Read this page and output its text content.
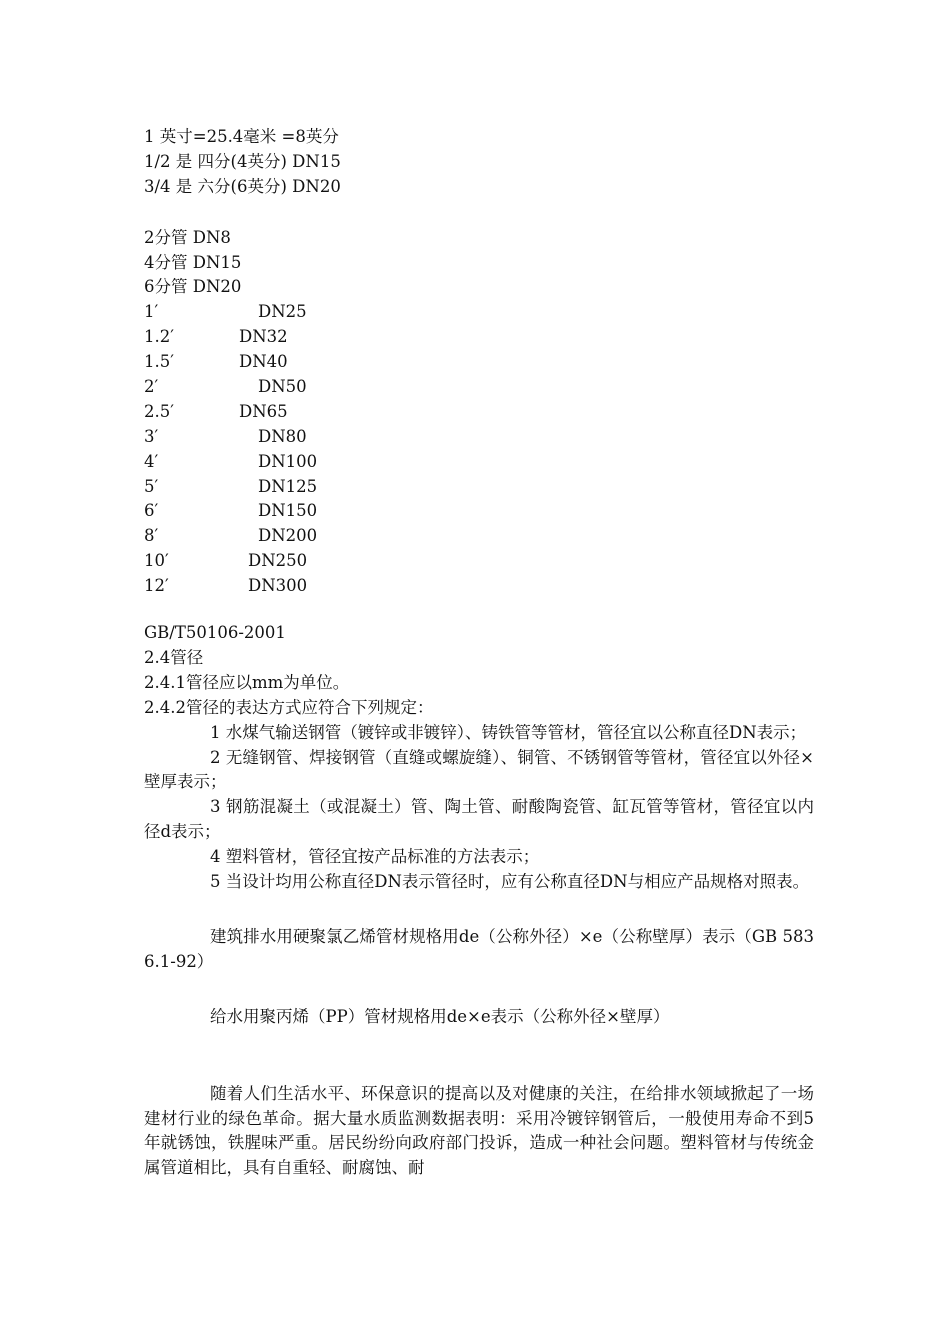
1 英寸=25.4毫米 =8英分
1/2 是 四分(4英分) DN15
3/4 是 六分(6英分) DN20
2分管 DN8
4分管 DN15
6分管 DN20
1′	DN25
1.2′	DN32
1.5′	DN40
2′	DN50
2.5′	DN65
3′	DN80
4′	DN100
5′	DN125
6′	DN150
8′	DN200
10′	DN250
12′	DN300
GB/T50106-2001
2.4管径
2.4.1管径应以mm为单位。
2.4.2管径的表达方式应符合下列规定：
1 水煤气输送钢管（镀锌或非镀锌）、铸铁管等管材，管径宜以公称直径DN表示；
2 无缝钢管、焊接钢管（直缝或螺旋缝）、铜管、不锈钢管等管材，管径宜以外径×壁厚表示；
3 钢筋混凝土（或混凝土）管、陶土管、耐酸陶瓷管、缸瓦管等管材，管径宜以内径d表示；
4 塑料管材，管径宜按产品标准的方法表示；
5 当设计均用公称直径DN表示管径时，应有公称直径DN与相应产品规格对照表。
建筑排水用硬聚氯乙烯管材规格用de（公称外径）×e（公称壁厚）表示（GB 5836.1-92）
给水用聚丙烯（PP）管材规格用de×e表示（公称外径×壁厚）
随着人们生活水平、环保意识的提高以及对健康的关注，在给排水领域掀起了一场建材行业的绿色革命。据大量水质监测数据表明：采用冷镀锌钢管后，一般使用寿命不到5年就锈蚀，铁腥味严重。居民纷纷向政府部门投诉，造成一种社会问题。塑料管材与传统金属管道相比，具有自重轻、耐腐蚀、耐
